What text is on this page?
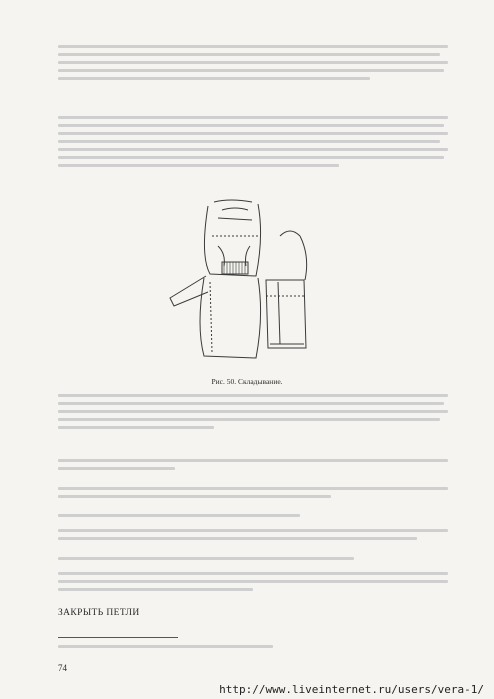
Рис. 50. Складывание.
ЗАКРЫТЬ ПЕТЛИ
74
http://www.liveinternet.ru/users/vera-1/
